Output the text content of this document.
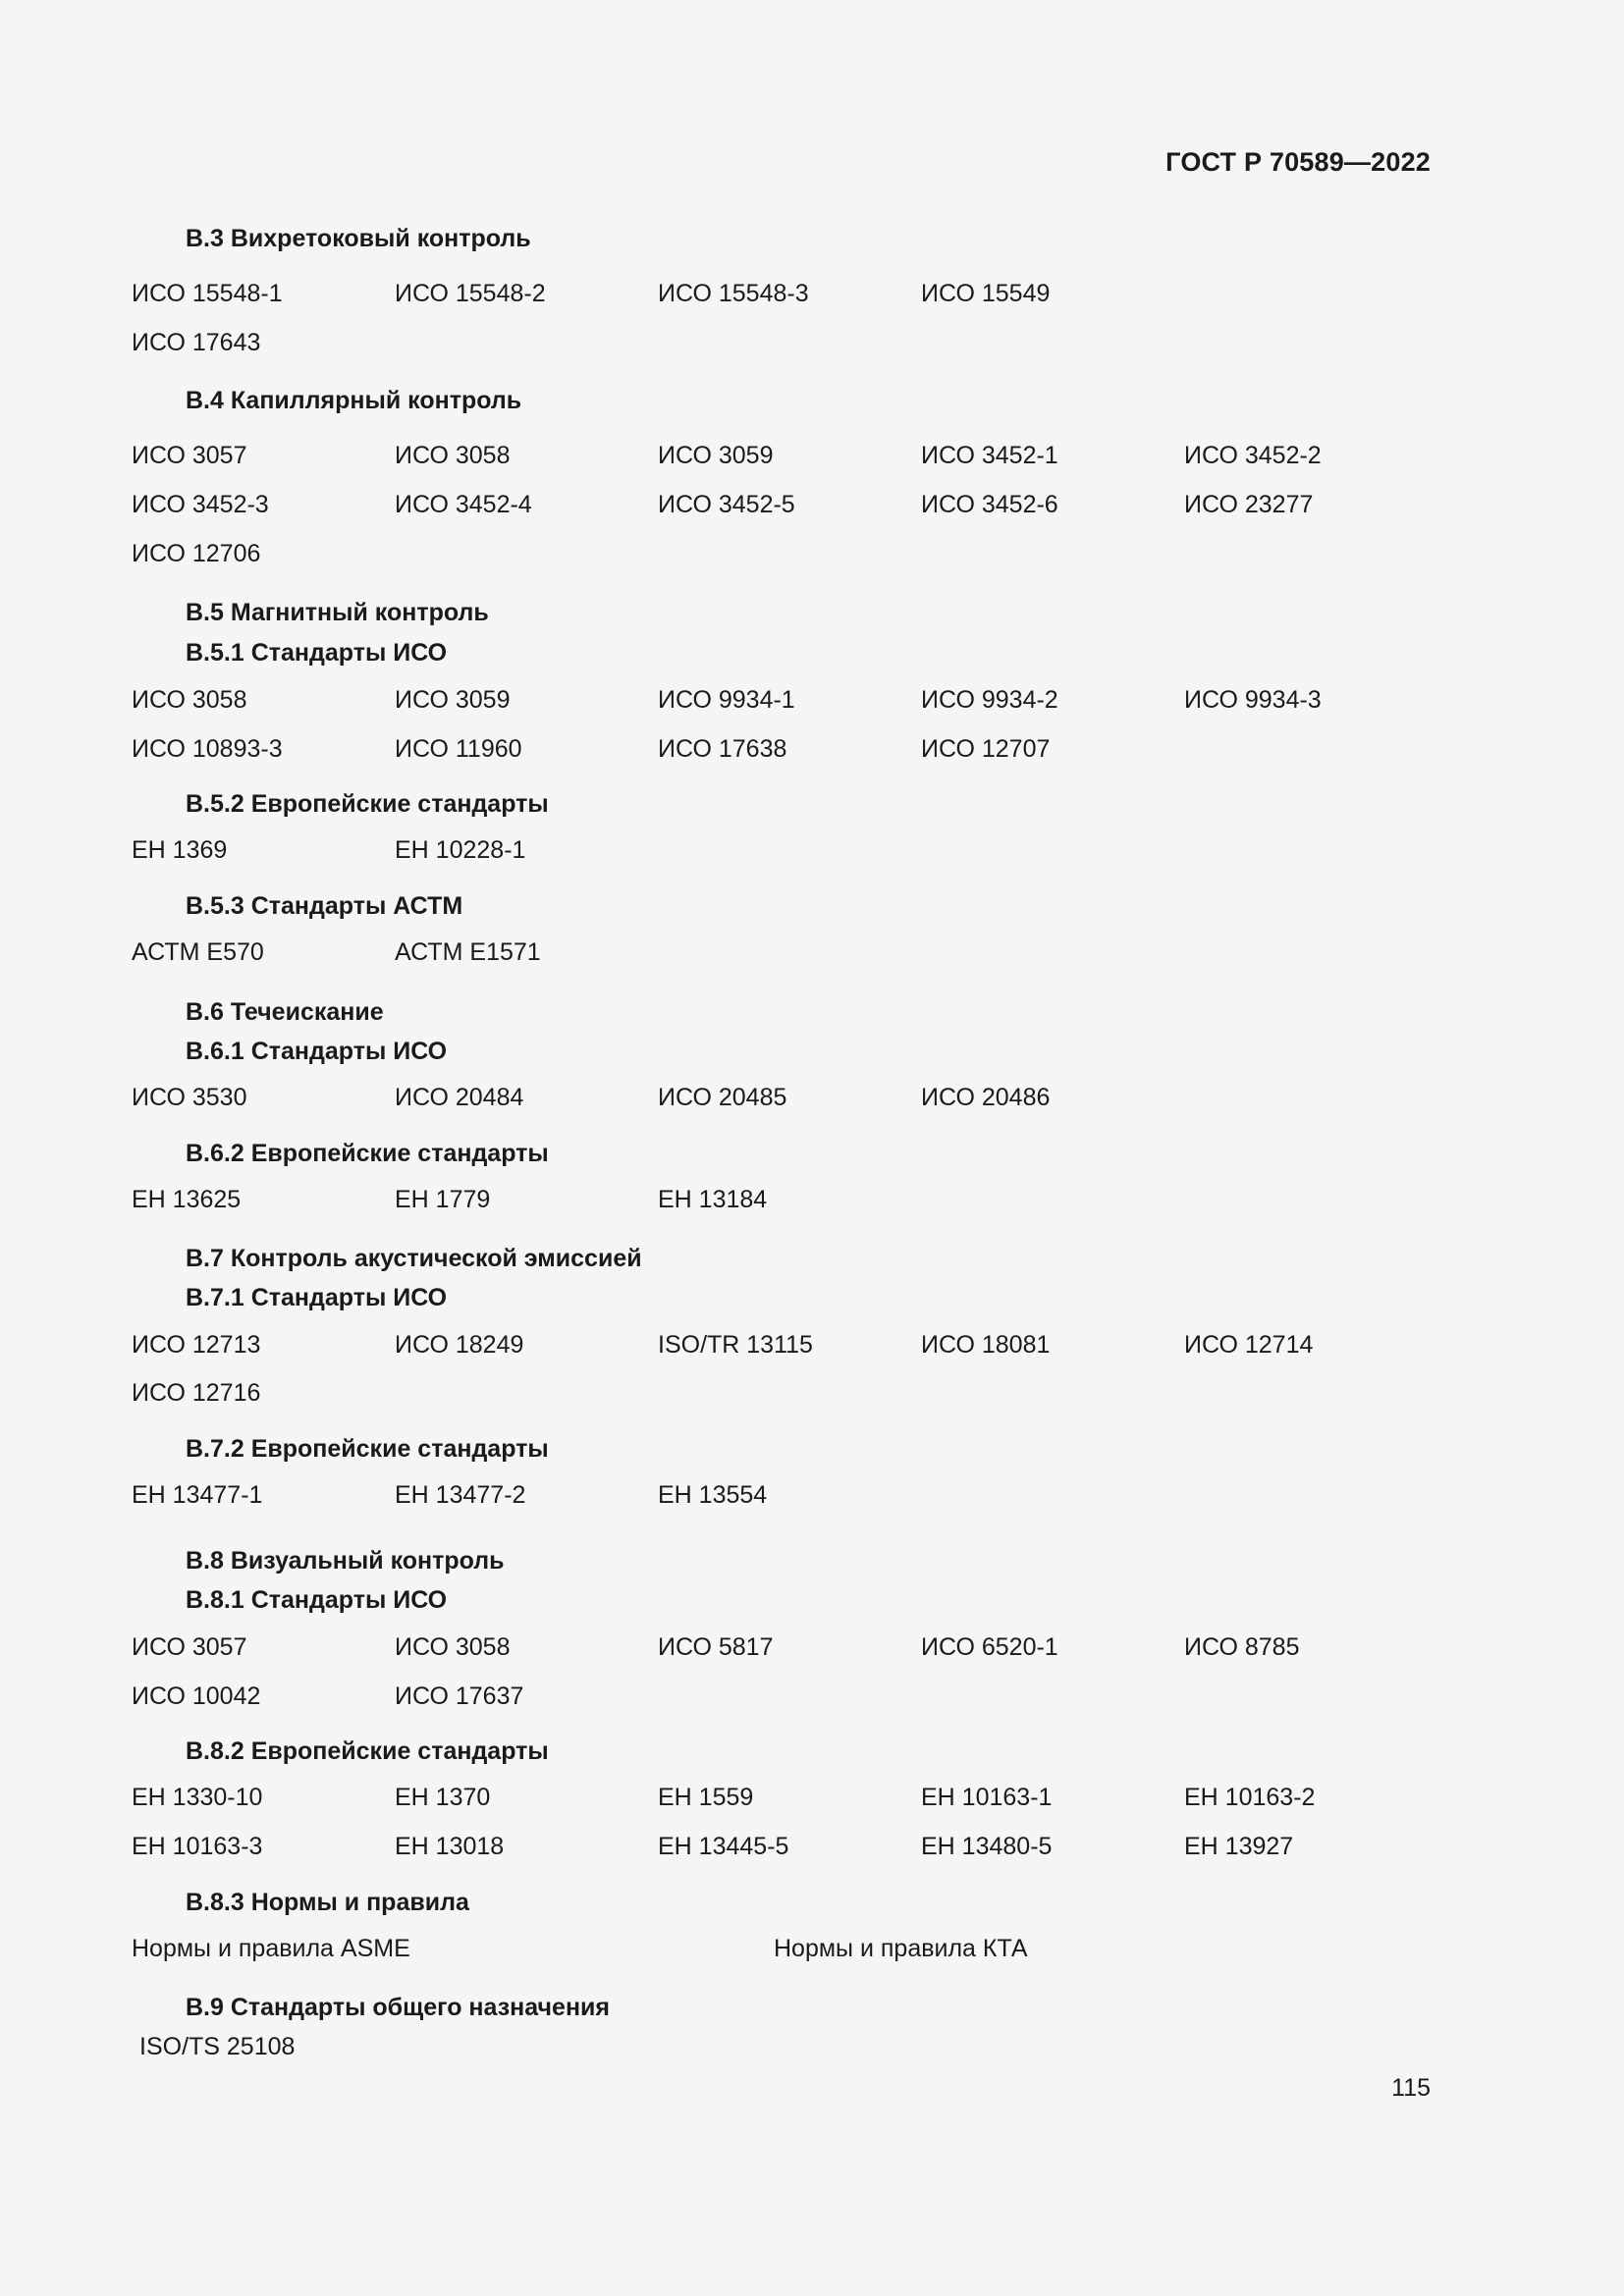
ГОСТ Р 70589—2022
В.3 Вихретоковый контроль
ИСО 15548-1	ИСО 15548-2	ИСО 15548-3	ИСО 15549
ИСО 17643
В.4 Капиллярный контроль
ИСО 3057	ИСО 3058	ИСО 3059	ИСО 3452-1	ИСО 3452-2
ИСО 3452-3	ИСО 3452-4	ИСО 3452-5	ИСО 3452-6	ИСО 23277
ИСО 12706
В.5 Магнитный контроль
В.5.1 Стандарты ИСО
ИСО 3058	ИСО 3059	ИСО 9934-1	ИСО 9934-2	ИСО 9934-3
ИСО 10893-3	ИСО 11960	ИСО 17638	ИСО 12707
В.5.2 Европейские стандарты
ЕН 1369	ЕН 10228-1
В.5.3 Стандарты АСТМ
АСТМ Е570	АСТМ Е1571
В.6 Течеискание
В.6.1 Стандарты ИСО
ИСО 3530	ИСО 20484	ИСО 20485	ИСО 20486
В.6.2 Европейские стандарты
ЕН 13625	ЕН 1779	ЕН 13184
В.7 Контроль акустической эмиссией
В.7.1 Стандарты ИСО
ИСО 12713	ИСО 18249	ISO/TR 13115	ИСО 18081	ИСО 12714
ИСО 12716
В.7.2 Европейские стандарты
ЕН 13477-1	ЕН 13477-2	ЕН 13554
В.8 Визуальный контроль
В.8.1 Стандарты ИСО
ИСО 3057	ИСО 3058	ИСО 5817	ИСО 6520-1	ИСО 8785
ИСО 10042	ИСО 17637
В.8.2 Европейские стандарты
ЕН 1330-10	ЕН 1370	ЕН 1559	ЕН 10163-1	ЕН 10163-2
ЕН 10163-3	ЕН 13018	ЕН 13445-5	ЕН 13480-5	ЕН 13927
В.8.3 Нормы и правила
Нормы и правила ASME	Нормы и правила КТА
В.9 Стандарты общего назначения
ISO/TS 25108
115
